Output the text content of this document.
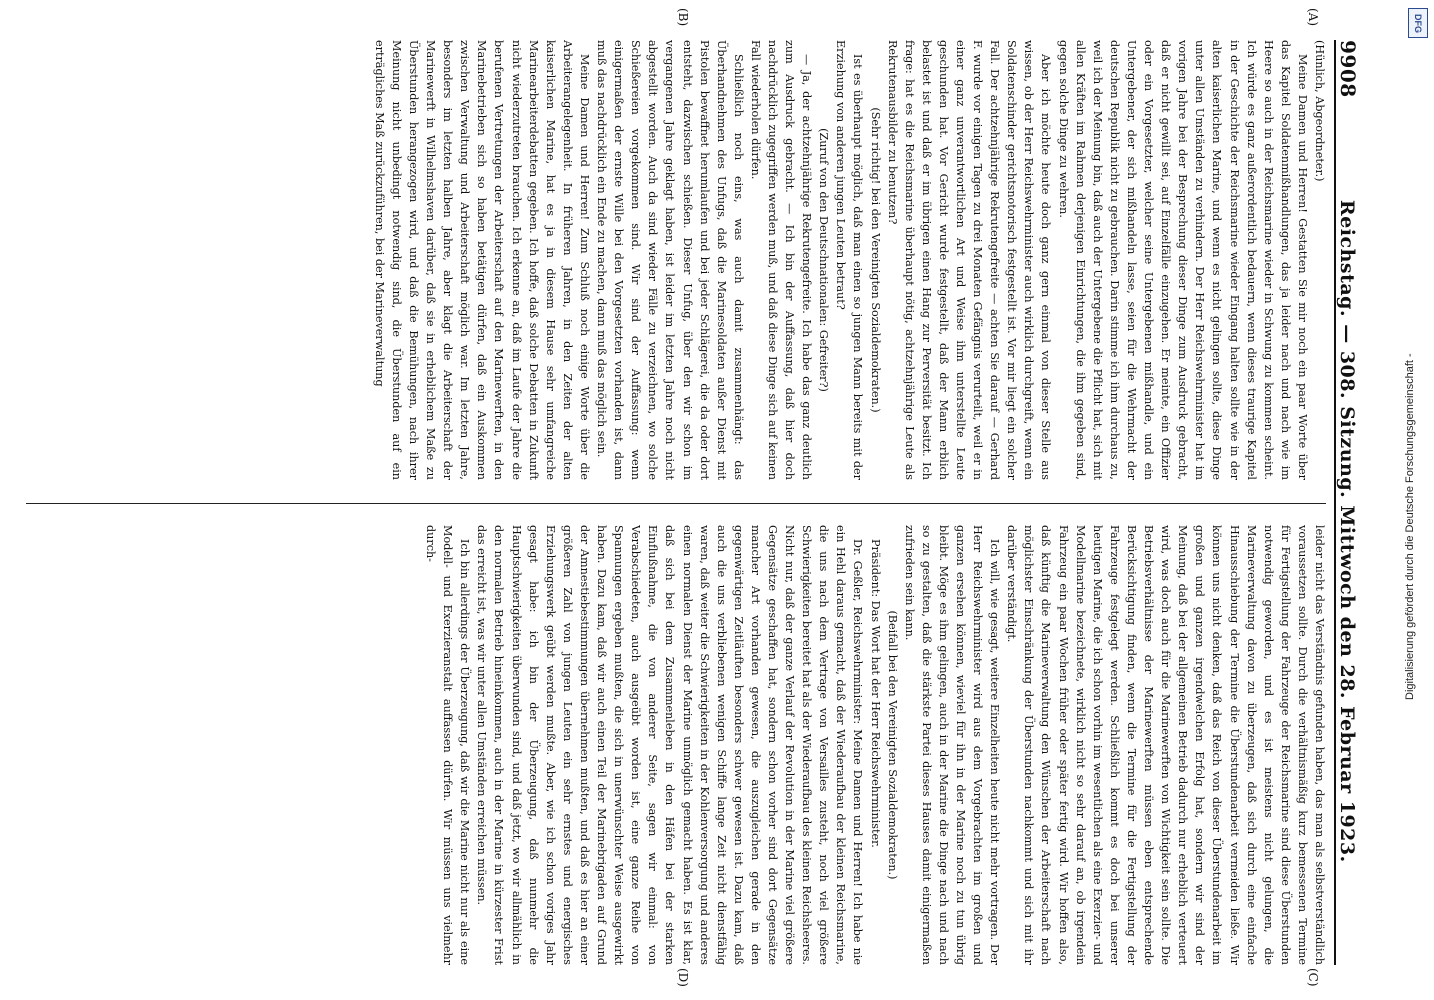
9908
Reichstag. — 308. Sitzung. Mittwoch den 28. Februar 1923.
(A)
(B)
(C)
(D)

(Hünlich, Abgeordneter.)

Meine Damen und Herren! Gestatten Sie mir noch ein paar Worte über das Kapitel Soldatenmißhandlungen, das ja leider nach und nach wie im Heere so auch in der Reichsmarine wieder in Schwung zu kommen scheint. Ich würde es ganz außerordentlich bedauern, wenn dieses traurige Kapitel in der Geschichte der Reichsmarine wieder Eingang halten sollte wie in der alten kaiserlichen Marine, und wenn es nicht gelingen sollte, diese Dinge unter allen Umständen zu verhindern. Der Herr Reichswehrminister hat im vorigen Jahre bei der Besprechung dieser Dinge zum Ausdruck gebracht, daß er nicht gewillt sei, auf Einzelfälle einzugehen. Er meinte, ein Offizier oder ein Vorgesetzter, welcher seine Untergebenen mißhandle, und ein Untergebener, der sich mißhandeln lasse, seien für die Wehrmacht der deutschen Republik nicht zu gebrauchen. Darin stimme ich ihm durchaus zu, weil ich der Meinung bin, daß auch der Untergebene die Pflicht hat, sich mit allen Kräften im Rahmen derjenigen Einrichtungen, die ihm gegeben sind, gegen solche Dinge zu wehren.

Aber ich möchte heute doch ganz gern einmal von dieser Stelle aus wissen, ob der Herr Reichswehrminister auch wirklich durchgreift, wenn ein Soldatenschinder gerichtsnotorisch festgestellt ist. Vor mir liegt ein solcher Fall. Der achtzehnjährige Rekrutengefreite — achten Sie darauf — Gerhard F. wurde vor einigen Tagen zu drei Monaten Gefängnis verurteilt, weil er in einer ganz unverantwortlichen Art und Weise ihm unterstellte Leute geschunden hat. Vor Gericht wurde festgestellt, daß der Mann erblich belastet ist und daß er im übrigen einen Hang zur Perversität besitzt. Ich frage: hat es die Reichsmarine überhaupt nötig, achtzehnjährige Leute als Rekrutenausbilder zu benutzen?

(Sehr richtig! bei den Vereinigten Sozialdemokraten.)

Ist es überhaupt möglich, daß man einen so jungen Mann bereits mit der Erziehung von anderen jungen Leuten betraut?

(Zuruf von den Deutschnationalen: Gefreiter?)

— Ja, der achtzehnjährige Rekrutengefreite. Ich habe das ganz deutlich zum Ausdruck gebracht. — Ich bin der Auffassung, daß hier doch nachdrücklich zugegriffen werden muß, und daß diese Dinge sich auf keinen Fall wiederholen dürfen.

Schließlich noch eins, was auch damit zusammenhängt: das Überhandnehmen des Unfugs, daß die Marinesoldaten außer Dienst mit Pistolen bewaffnet herumlaufen und bei jeder Schlägerei, die da oder dort entsteht, dazwischen schießen. Dieser Unfug, über den wir schon im vergangenen Jahre geklagt haben, ist leider im letzten Jahre noch nicht abgestellt worden. Auch da sind wieder Fälle zu verzeichnen, wo solche Schießereien vorgekommen sind. Wir sind der Auffassung: wenn einigermaßen der ernste Wille bei den Vorgesetzten vorhanden ist, dann muß das nachdrücklich ein Ende zu machen, dann muß das möglich sein.

Meine Damen und Herren! Zum Schluß noch einige Worte über die Arbeiterangelegenheit. In früheren Jahren, in den Zeiten der alten kaiserlichen Marine, hat es ja in diesem Hause sehr umfangreiche Marinearbeiterdebatten gegeben. Ich hoffe, daß solche Debatten in Zukunft nicht wiederzutreten brauchen. Ich erkenne an, daß im Laufe der Jahre die berufenen Vertretungen der Arbeiterschaft auf den Marinewerften, in den Marinebetrieben sich so haben betätigen dürfen, daß ein Auskommen zwischen Verwaltung und Arbeiterschaft möglich war. Im letzten Jahre, besonders im letzten halben Jahre, aber klagt die Arbeiterschaft der Marinewerft in Wilhelmshaven darüber, daß sie in erheblichem Maße zu Überstunden herangezogen wird, und daß die Bemühungen, nach ihrer Meinung nicht unbedingt notwendig sind, die Überstunden auf ein erträgliches Maß zurückzuführen, bei der Marineverwaltung

leider nicht das Verständnis gefunden haben, das man als selbstverständlich voraussetzen sollte. Durch die verhältnismäßig kurz bemessenen Termine für Fertigstellung der Fahrzeuge der Reichsmarine sind diese Überstunden notwendig geworden, und es ist meistens nicht gelungen, die Marineverwaltung davon zu überzeugen, daß sich durch eine einfache Hinausschiebung der Termine die Überstundenarbeit vermeiden ließe. Wir können uns nicht denken, daß das Reich von dieser Überstundenarbeit im großen und ganzen irgendwelchen Erfolg hat, sondern wir sind der Meinung, daß bei der allgemeinen Betrieb dadurch nur erheblich verteuert wird, was doch auch für die Marinewerften von Wichtigkeit sein sollte. Die Betriebsverhältnisse der Marinewerften müssen eben entsprechende Berücksichtigung finden, wenn die Termine für die Fertigstellung der Fahrzeuge festgelegt werden. Schließlich kommt es doch bei unserer heutigen Marine, die ich schon vorhin im wesentlichen als eine Exerzier- und Modellmarine bezeichnete, wirklich nicht so sehr darauf an, ob irgendein Fahrzeug ein paar Wochen früher oder später fertig wird. Wir hoffen also, daß künftig die Marineverwaltung den Wünschen der Arbeiterschaft nach möglichster Einschränkung der Überstunden nachkommt und sich mit ihr darüber verständigt.

Ich will, wie gesagt, weitere Einzelheiten heute nicht mehr vortragen. Der Herr Reichswehrminister wird aus dem Vorgebrachten im großen und ganzen ersehen können, wieviel für ihn in der Marine noch zu tun übrig bleibt. Möge es ihm gelingen, auch in der Marine die Dinge nach und nach so zu gestalten, daß die stärkste Partei dieses Hauses damit einigermaßen zufrieden sein kann.

(Beifall bei den Vereinigten Sozialdemokraten.)

Präsident: Das Wort hat der Herr Reichswehrminister.

Dr. Geßler, Reichswehrminister: Meine Damen und Herren! Ich habe nie ein Hehl daraus gemacht, daß der Wiederaufbau der kleinen Reichsmarine, die uns nach dem Vertrage von Versailles zusteht, noch viel größere Schwierigkeiten bereitet hat als der Wiederaufbau des kleinen Reichsheeres. Nicht nur, daß der ganze Verlauf der Revolution in der Marine viel größere Gegensätze geschaffen hat, sondern schon vorher sind dort Gegensätze mancher Art vorhanden gewesen, die auszugleichen gerade in den gegenwärtigen Zeitläuften besonders schwer gewesen ist. Dazu kam, daß auch die uns verbliebenen wenigen Schiffe lange Zeit nicht dienstfähig waren, daß weiter die Schwierigkeiten in der Kohlenversorgung und anderes einen normalen Dienst der Marine unmöglich gemacht haben. Es ist klar, daß sich bei dem Zusammenleben in den Häfen bei der starken Einflußnahme, die von anderer Seite, sagen wir einmal: von Verabschiedeten, auch ausgeübt worden ist, eine ganze Reihe von Spannungen ergeben mußten, die sich in unerwünschter Weise ausgewirkt haben. Dazu kam, daß wir auch einen Teil der Marinebrigaden auf Grund der Amnestiebestimmungen übernehmen mußten, und daß es hier an einer größeren Zahl von jungen Leuten ein sehr ernstes und energisches Erziehungswerk geübt werden mußte. Aber, wie ich schon voriges Jahr gesagt habe: ich bin der Überzeugung, daß nunmehr die Hauptschwierigkeiten überwunden sind, und daß jetzt, wo wir allmählich in den normalen Betrieb hineinkommen, auch in der Marine in kürzester Frist das erreicht ist, was wir unter allen Umständen erreichen müssen.

Ich bin allerdings der Überzeugung, daß wir die Marine nicht nur als eine Modell- und Exerzieranstalt auffassen dürfen. Wir müssen uns vielmehr durch-	Digitalisierung gefördert durch die Deutsche Forschungsgemeinschaft -
DFG
